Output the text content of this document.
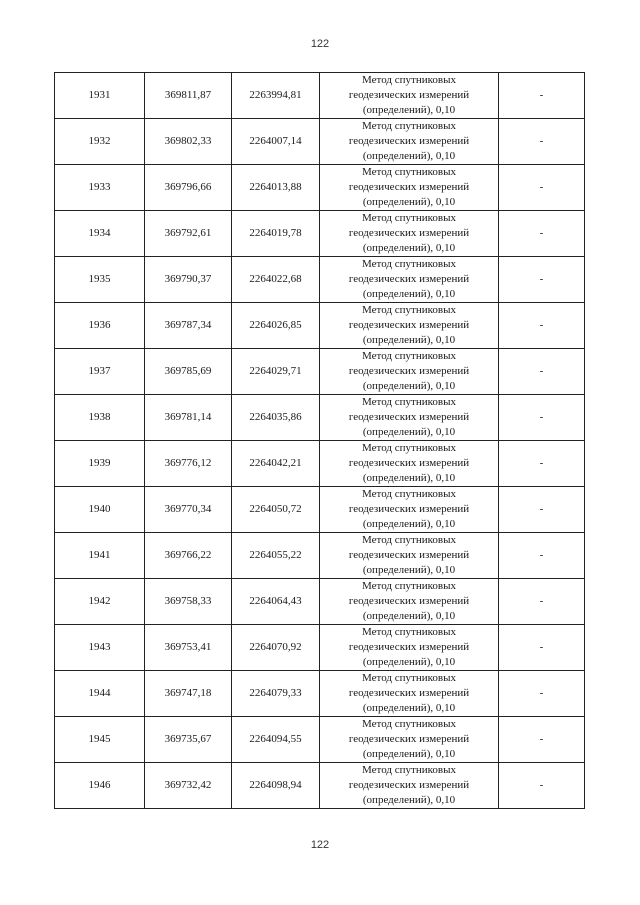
122
1931	369811,87	2263994,81	Метод спутниковых
геодезических измерений
(определений), 0,10	-
1932	369802,33	2264007,14	Метод спутниковых
геодезических измерений
(определений), 0,10	-
1933	369796,66	2264013,88	Метод спутниковых
геодезических измерений
(определений), 0,10	-
1934	369792,61	2264019,78	Метод спутниковых
геодезических измерений
(определений), 0,10	-
1935	369790,37	2264022,68	Метод спутниковых
геодезических измерений
(определений), 0,10	-
1936	369787,34	2264026,85	Метод спутниковых
геодезических измерений
(определений), 0,10	-
1937	369785,69	2264029,71	Метод спутниковых
геодезических измерений
(определений), 0,10	-
1938	369781,14	2264035,86	Метод спутниковых
геодезических измерений
(определений), 0,10	-
1939	369776,12	2264042,21	Метод спутниковых
геодезических измерений
(определений), 0,10	-
1940	369770,34	2264050,72	Метод спутниковых
геодезических измерений
(определений), 0,10	-
1941	369766,22	2264055,22	Метод спутниковых
геодезических измерений
(определений), 0,10	-
1942	369758,33	2264064,43	Метод спутниковых
геодезических измерений
(определений), 0,10	-
1943	369753,41	2264070,92	Метод спутниковых
геодезических измерений
(определений), 0,10	-
1944	369747,18	2264079,33	Метод спутниковых
геодезических измерений
(определений), 0,10	-
1945	369735,67	2264094,55	Метод спутниковых
геодезических измерений
(определений), 0,10	-
1946	369732,42	2264098,94	Метод спутниковых
геодезических измерений
(определений), 0,10	-
122
